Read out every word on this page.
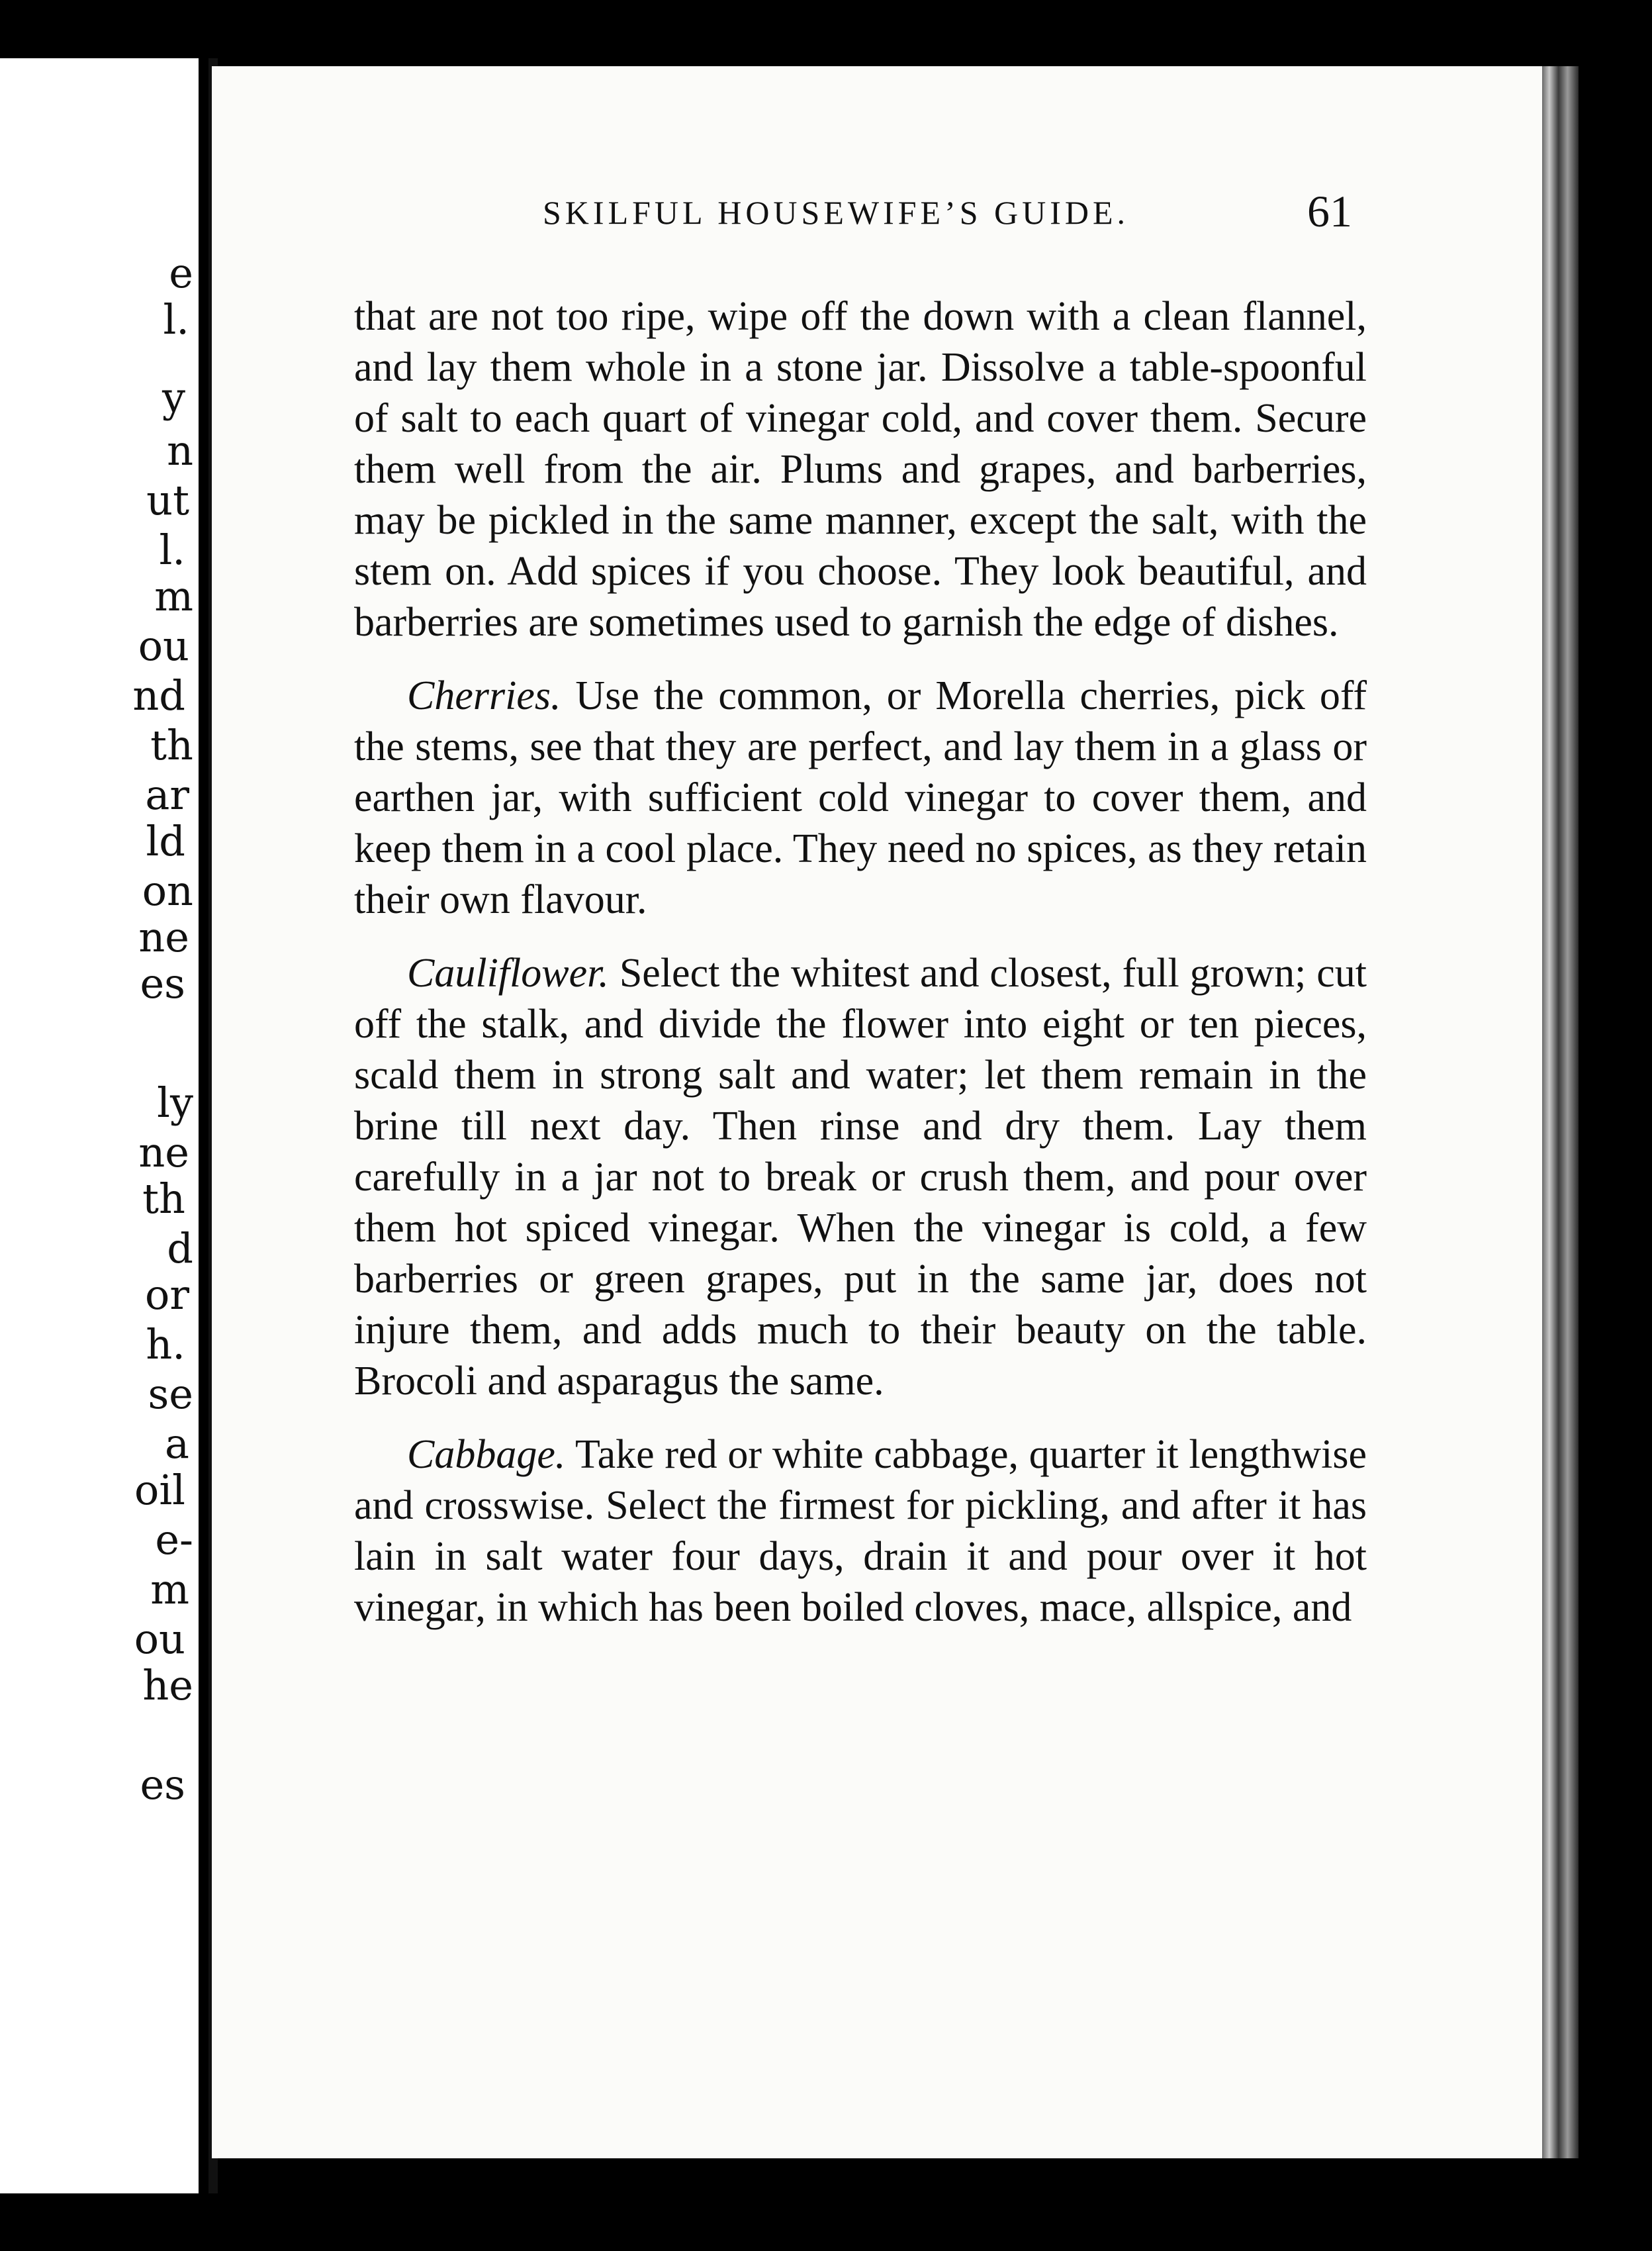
e
l.
y
n
ut
l.
m
ou
nd
th
ar
ld
on
ne
es
ly
ne
th
d
or
h.
se
a
oil
e-
m
ou
he
es
SKILFUL HOUSEWIFE’S GUIDE.	61

that are not too ripe, wipe off the down with a clean flannel, and lay them whole in a stone jar. Dissolve a table-spoonful of salt to each quart of vinegar cold, and cover them. Secure them well from the air. Plums and grapes, and barberries, may be pickled in the same manner, except the salt, with the stem on. Add spices if you choose. They look beautiful, and barberries are sometimes used to garnish the edge of dishes.

Cherries. Use the common, or Morella cherries, pick off the stems, see that they are perfect, and lay them in a glass or earthen jar, with sufficient cold vinegar to cover them, and keep them in a cool place. They need no spices, as they retain their own flavour.

Cauliflower. Select the whitest and closest, full grown; cut off the stalk, and divide the flower into eight or ten pieces, scald them in strong salt and water; let them remain in the brine till next day. Then rinse and dry them. Lay them carefully in a jar not to break or crush them, and pour over them hot spiced vinegar. When the vinegar is cold, a few barberries or green grapes, put in the same jar, does not injure them, and adds much to their beauty on the table. Brocoli and asparagus the same.

Cabbage. Take red or white cabbage, quarter it lengthwise and crosswise. Select the firmest for pickling, and after it has lain in salt water four days, drain it and pour over it hot vinegar, in which has been boiled cloves, mace, allspice, and
